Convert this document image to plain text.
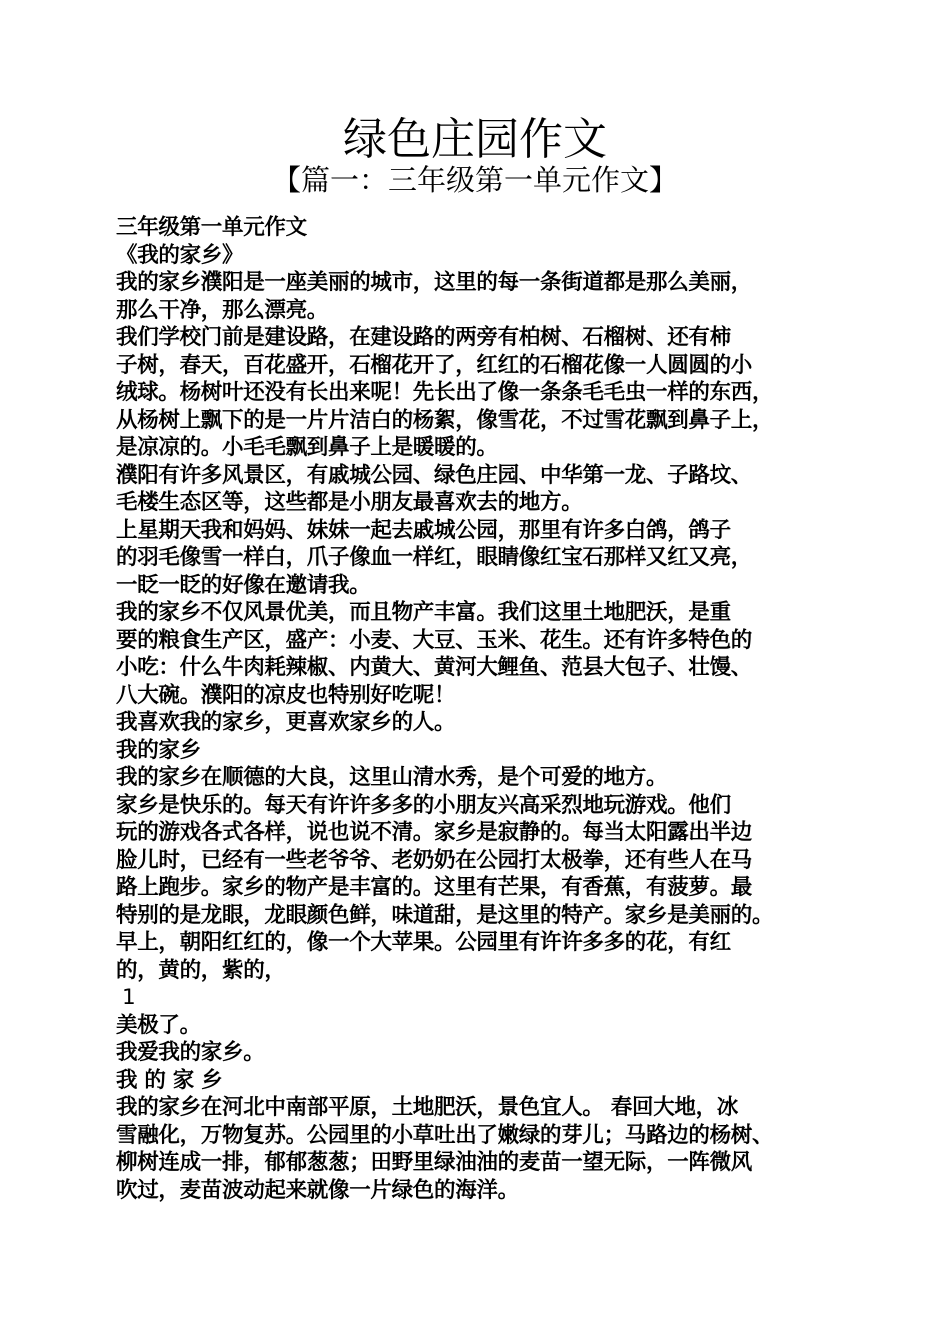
绿色庄园作文
【篇一：三年级第一单元作文】

三年级第一单元作文

《我的家乡》

我的家乡濮阳是一座美丽的城市，这里的每一条街道都是那么美丽，

那么干净，那么漂亮。

我们学校门前是建设路，在建设路的两旁有柏树、石榴树、还有柿

子树，春天，百花盛开，石榴花开了，红红的石榴花像一人圆圆的小

绒球。杨树叶还没有长出来呢！先长出了像一条条毛毛虫一样的东西，

从杨树上飘下的是一片片洁白的杨絮，像雪花，不过雪花飘到鼻子上，

是凉凉的。小毛毛飘到鼻子上是暖暖的。

濮阳有许多风景区，有戚城公园、绿色庄园、中华第一龙、子路坟、

毛楼生态区等，这些都是小朋友最喜欢去的地方。

上星期天我和妈妈、妹妹一起去戚城公园，那里有许多白鸽，鸽子

的羽毛像雪一样白，爪子像血一样红，眼睛像红宝石那样又红又亮，

一眨一眨的好像在邀请我。

我的家乡不仅风景优美，而且物产丰富。我们这里土地肥沃，是重

要的粮食生产区，盛产：小麦、大豆、玉米、花生。还有许多特色的

小吃：什么牛肉耗辣椒、内黄大、黄河大鲤鱼、范县大包子、壮馒、

八大碗。濮阳的凉皮也特别好吃呢！

我喜欢我的家乡，更喜欢家乡的人。

我的家乡

我的家乡在顺德的大良，这里山清水秀，是个可爱的地方。

家乡是快乐的。每天有许许多多的小朋友兴高采烈地玩游戏。他们

玩的游戏各式各样，说也说不清。家乡是寂静的。每当太阳露出半边

脸儿时，已经有一些老爷爷、老奶奶在公园打太极拳，还有些人在马

路上跑步。家乡的物产是丰富的。这里有芒果，有香蕉，有菠萝。最

特别的是龙眼，龙眼颜色鲜，味道甜，是这里的特产。家乡是美丽的。

早上，朝阳红红的，像一个大苹果。公园里有许许多多的花，有红

的，黄的，紫的，

1

美极了。

我爱我的家乡。

我 的 家 乡

我的家乡在河北中南部平原，土地肥沃，景色宜人。 春回大地，冰

雪融化，万物复苏。公园里的小草吐出了嫩绿的芽儿；马路边的杨树、

柳树连成一排，郁郁葱葱；田野里绿油油的麦苗一望无际，一阵微风

吹过，麦苗波动起来就像一片绿色的海洋。
